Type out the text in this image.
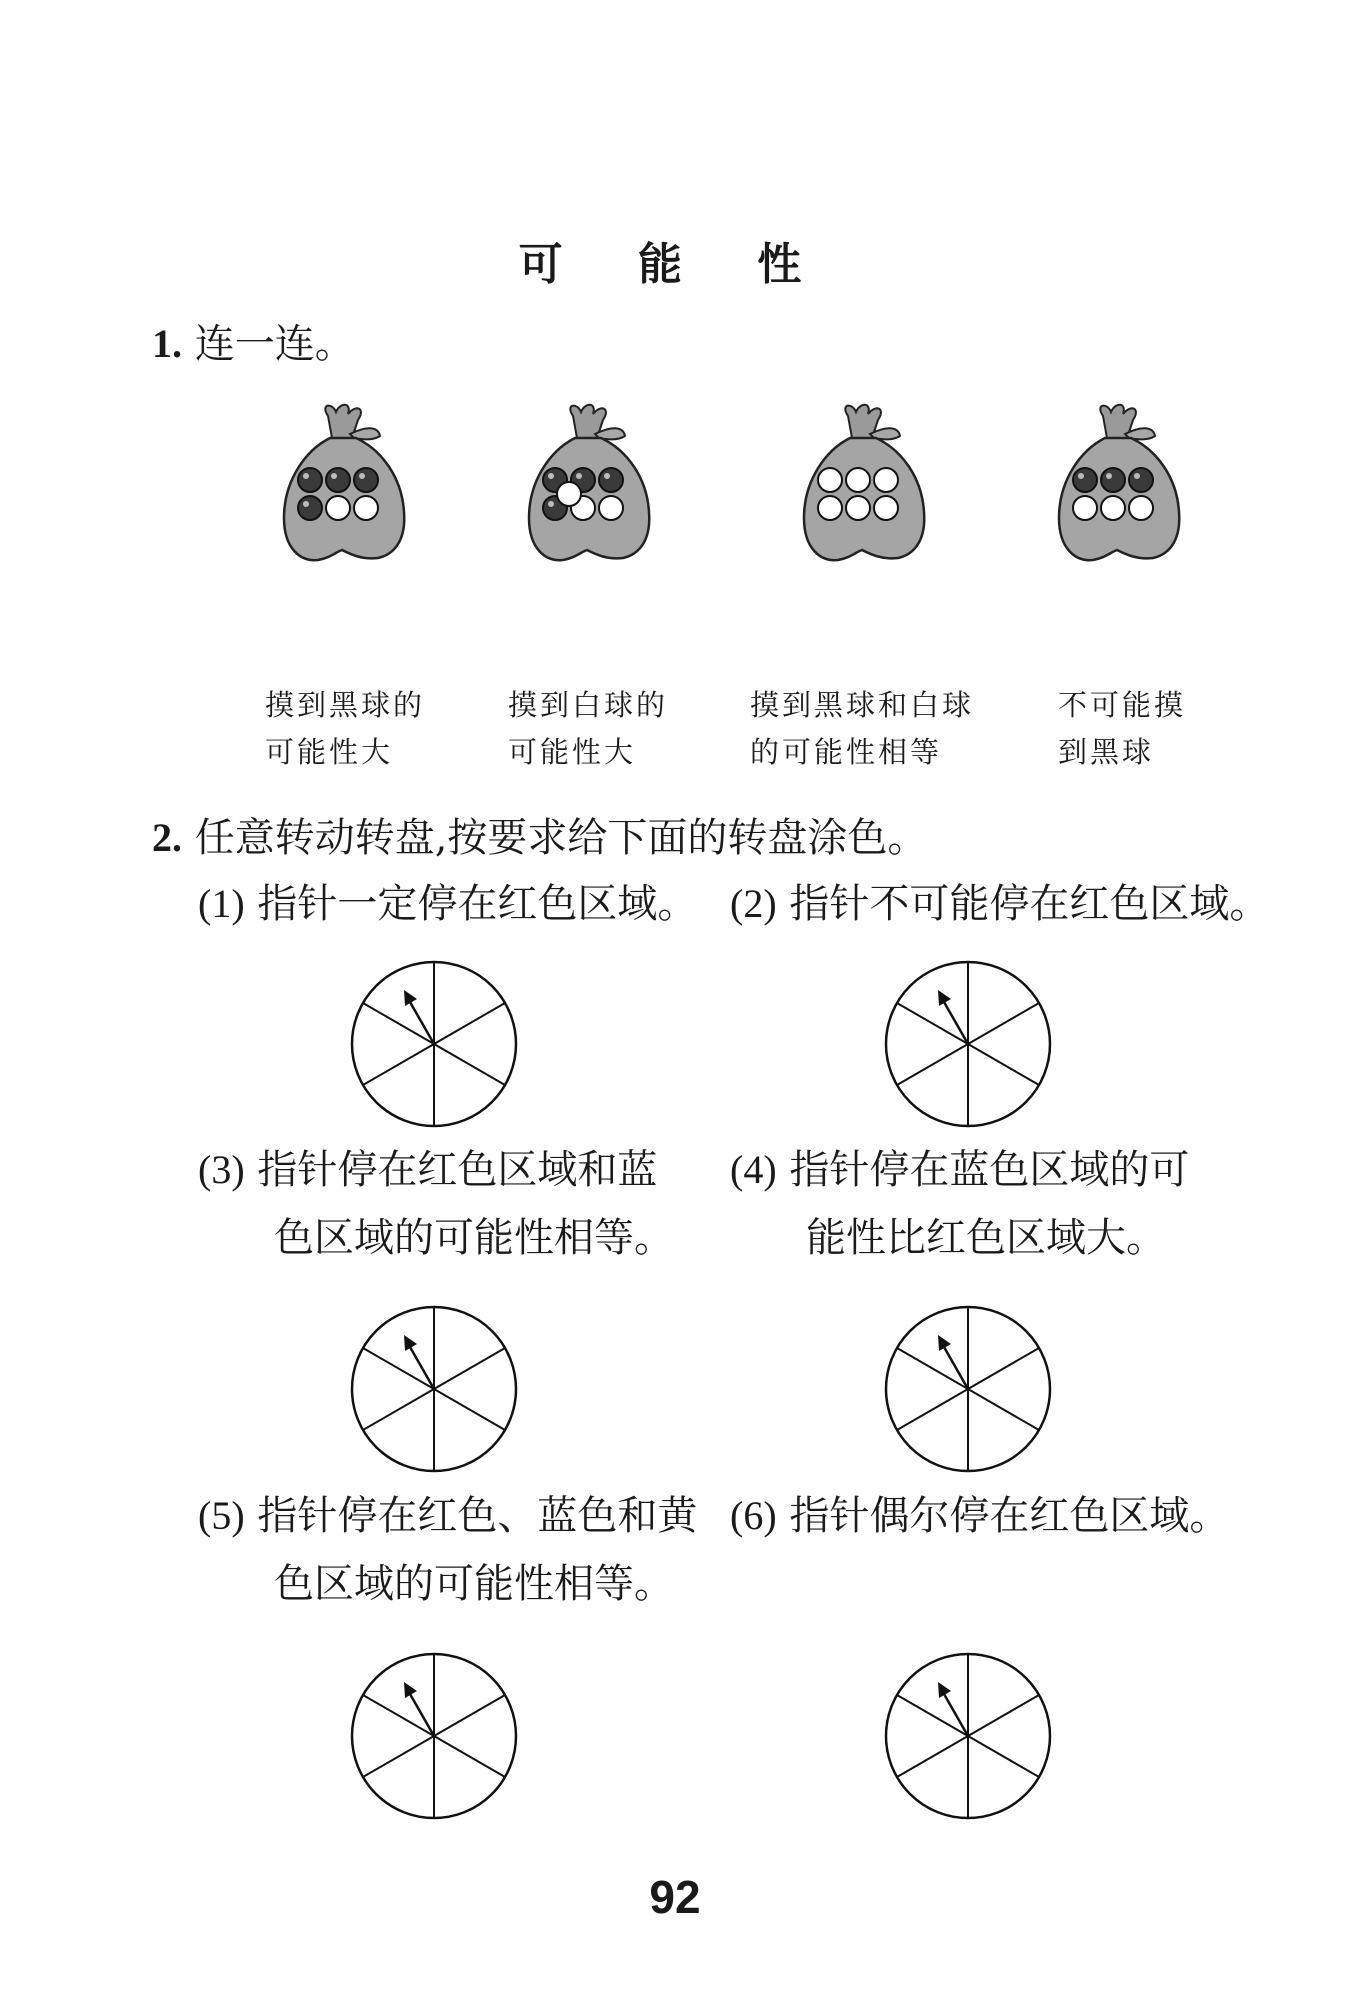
可 能 性
1. 连一连。
摸到黑球的
可能性大
摸到白球的
可能性大
摸到黑球和白球
的可能性相等
不可能摸
到黑球
2. 任意转动转盘,按要求给下面的转盘涂色。
(1) 指针一定停在红色区域。 (2) 指针不可能停在红色区域。
(3) 指针停在红色区域和蓝
色区域的可能性相等。
(4) 指针停在蓝色区域的可
能性比红色区域大。
(5) 指针停在红色、蓝色和黄
色区域的可能性相等。
(6) 指针偶尔停在红色区域。
92
